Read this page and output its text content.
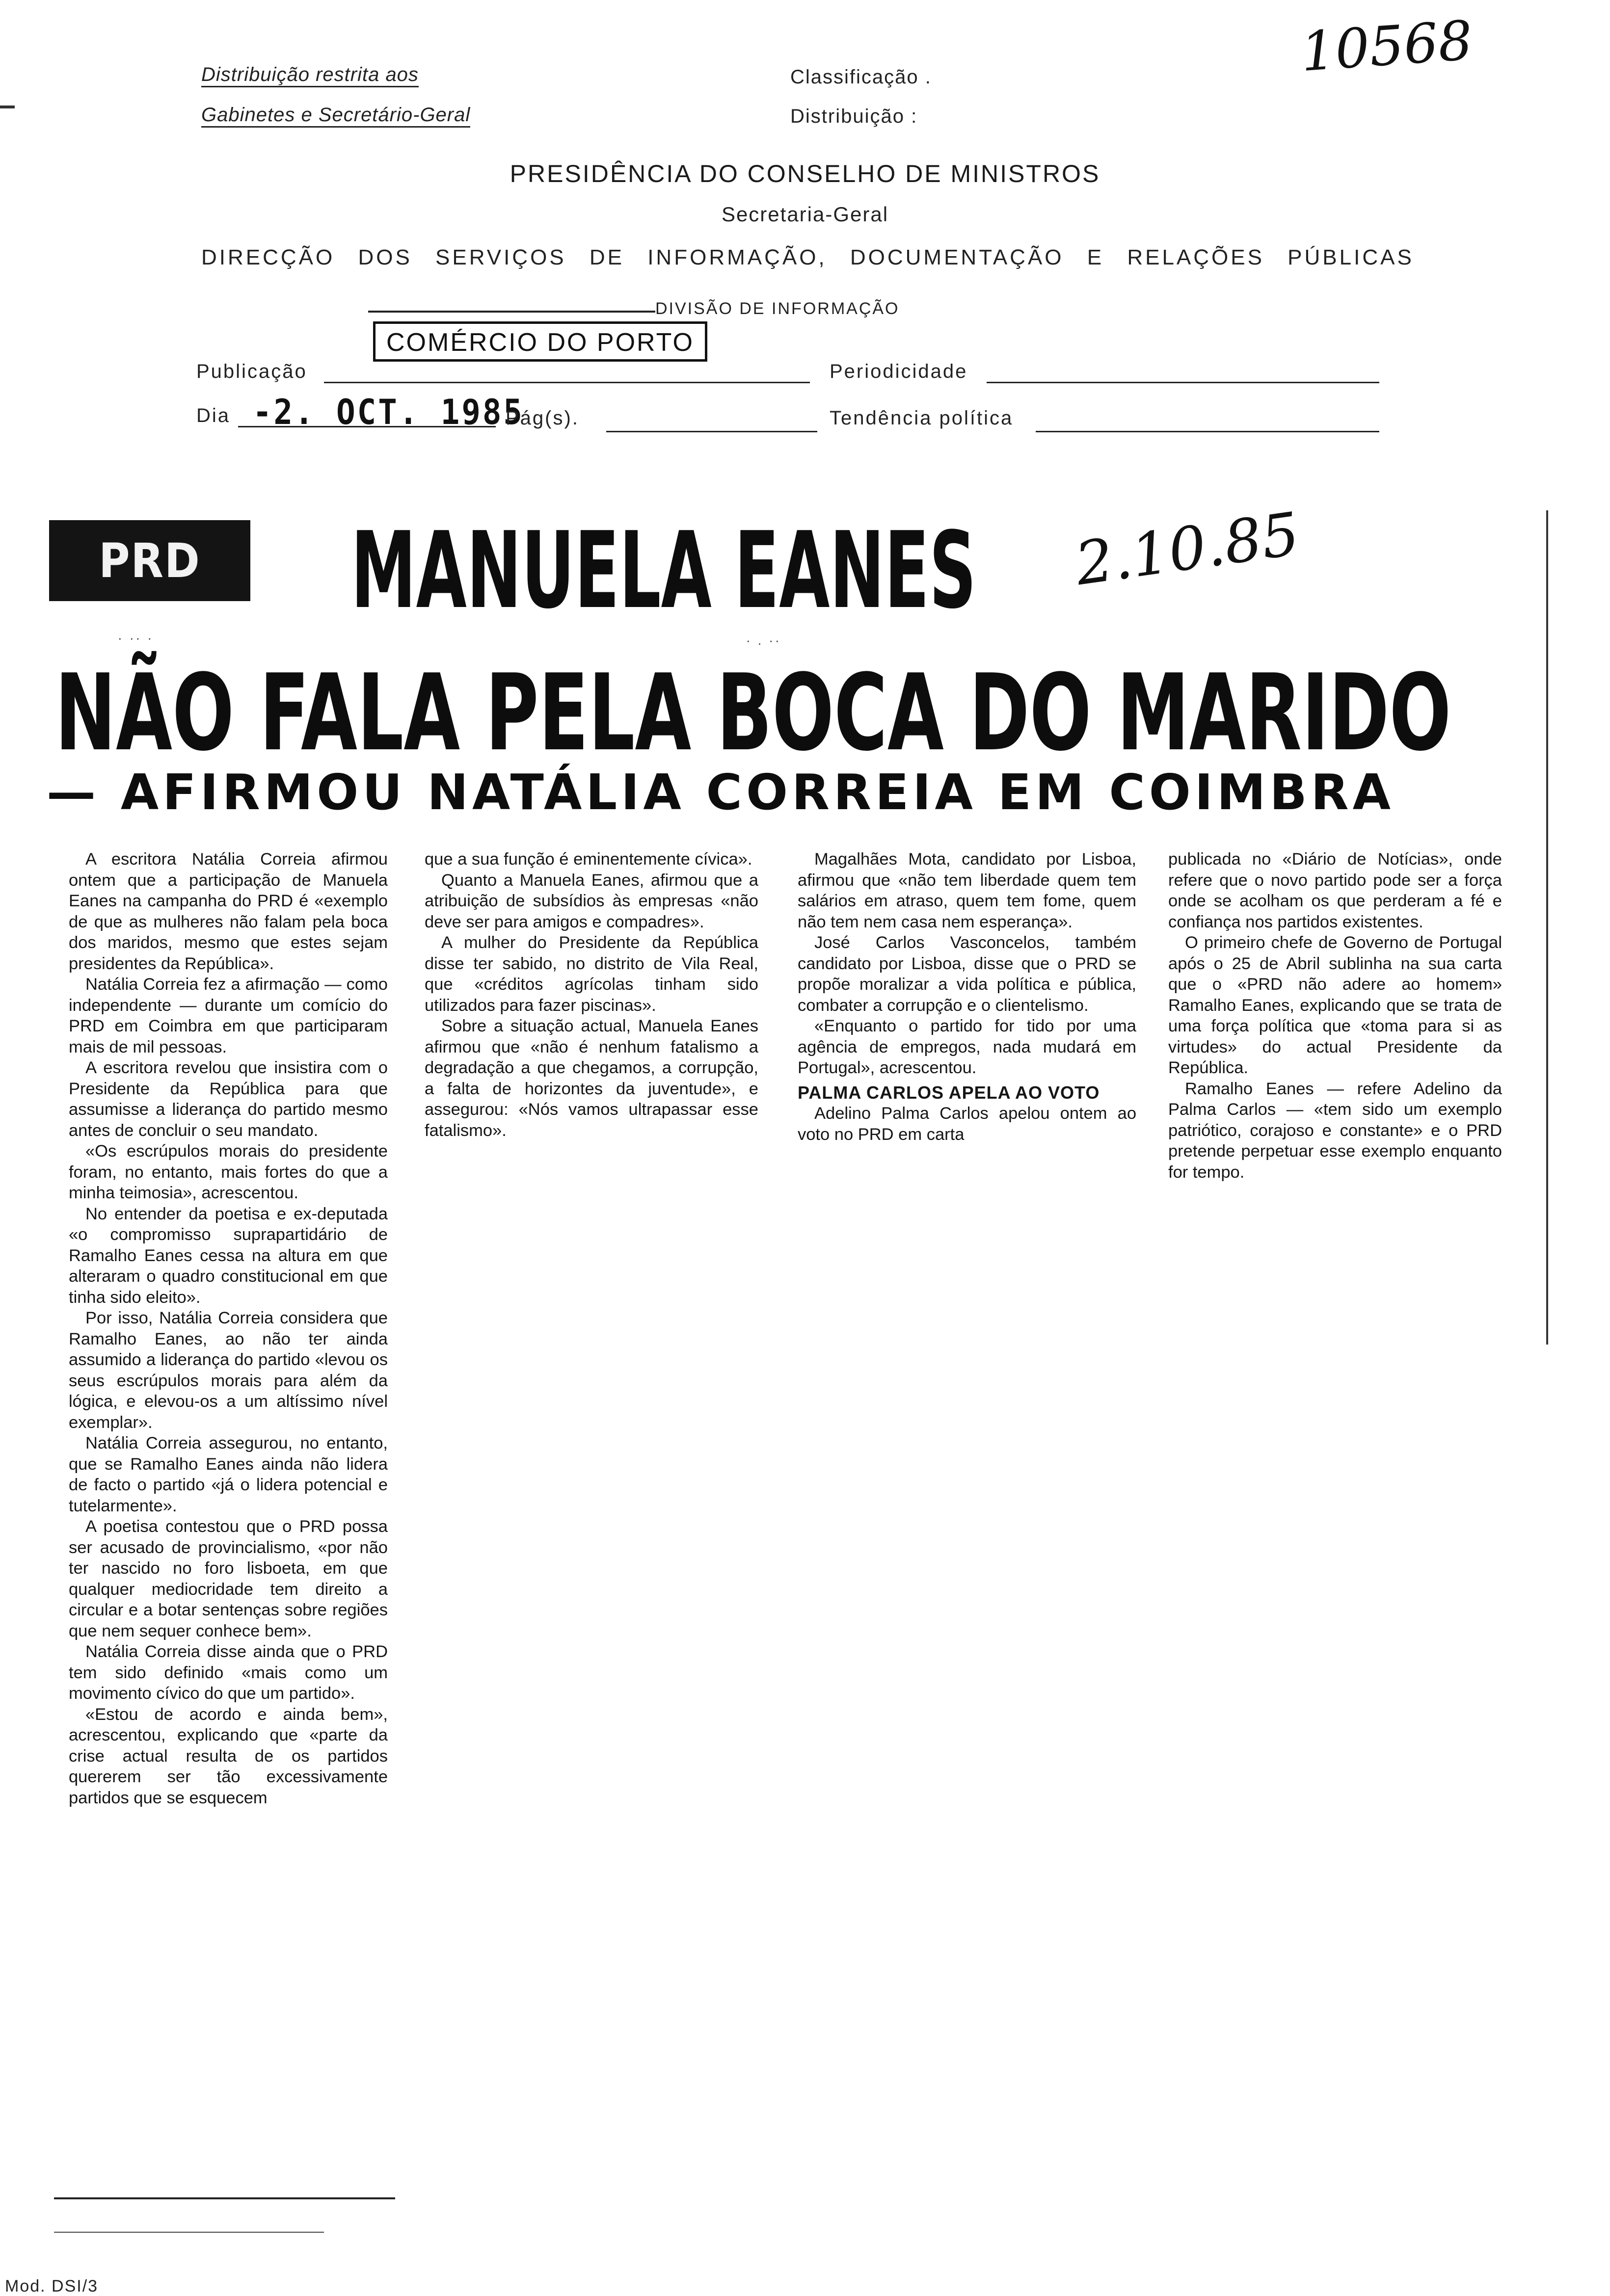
Distribuição restrita aos
Gabinetes e Secretário-Geral
Classificação .
Distribuição :
10568
PRESIDÊNCIA DO CONSELHO DE MINISTROS
Secretaria-Geral
DIRECÇÃO DOS SERVIÇOS DE INFORMAÇÃO, DOCUMENTAÇÃO E RELAÇÕES PÚBLICAS
DIVISÃO DE INFORMAÇÃO
Publicação
COMÉRCIO DO PORTO
Periodicidade
Dia -2. OCT. 1985
Pág(s).	Tendência política
PRD MANUELA EANES 2.10.85
NÃO FALA PELA BOCA DO MARIDO
— AFIRMOU NATÁLIA CORREIA EM COIMBRA
· ·· ·	· . ··

A escritora Natália Correia afirmou ontem que a participação de Manuela Eanes na campanha do PRD é «exemplo de que as mulheres não falam pela boca dos maridos, mesmo que estes sejam presidentes da República».

Natália Correia fez a afirmação — como independente — durante um comício do PRD em Coimbra em que participaram mais de mil pessoas.

A escritora revelou que insistira com o Presidente da República para que assumisse a liderança do partido mesmo antes de concluir o seu mandato.

«Os escrúpulos morais do presidente foram, no entanto, mais fortes do que a minha teimosia», acrescentou.

No entender da poetisa e ex-deputada «o compromisso suprapartidário de Ramalho Eanes cessa na altura em que alteraram o quadro constitucional em que tinha sido eleito».

Por isso, Natália Correia considera que Ramalho Eanes, ao não ter ainda assumido a liderança do partido «levou os seus escrúpulos morais para além da lógica, e elevou-os a um altíssimo nível exemplar».

Natália Correia assegurou, no entanto, que se Ramalho Eanes ainda não lidera de facto o partido «já o lidera potencial e tutelarmente».

A poetisa contestou que o PRD possa ser acusado de provincialismo, «por não ter nascido no foro lisboeta, em que qualquer mediocridade tem direito a circular e a botar sentenças sobre regiões que nem sequer conhece bem».

Natália Correia disse ainda que o PRD tem sido definido «mais como um movimento cívico do que um partido».

«Estou de acordo e ainda bem», acrescentou, explicando que «parte da crise actual resulta de os partidos quererem ser tão excessivamente partidos que se esquecem

que a sua função é eminentemente cívica».

Quanto a Manuela Eanes, afirmou que a atribuição de subsídios às empresas «não deve ser para amigos e compadres».

A mulher do Presidente da República disse ter sabido, no distrito de Vila Real, que «créditos agrícolas tinham sido utilizados para fazer piscinas».

Sobre a situação actual, Manuela Eanes afirmou que «não é nenhum fatalismo a degradação a que chegamos, a corrupção, a falta de horizontes da juventude», e assegurou: «Nós vamos ultrapassar esse fatalismo».

Magalhães Mota, candidato por Lisboa, afirmou que «não tem liberdade quem tem salários em atraso, quem tem fome, quem não tem nem casa nem esperança».

José Carlos Vasconcelos, também candidato por Lisboa, disse que o PRD se propõe moralizar a vida política e pública, combater a corrupção e o clientelismo.

«Enquanto o partido for tido por uma agência de empregos, nada mudará em Portugal», acrescentou.

PALMA CARLOS APELA AO VOTO

Adelino Palma Carlos apelou ontem ao voto no PRD em carta

publicada no «Diário de Notícias», onde refere que o novo partido pode ser a força onde se acolham os que perderam a fé e confiança nos partidos existentes.

O primeiro chefe de Governo de Portugal após o 25 de Abril sublinha na sua carta que o «PRD não adere ao homem» Ramalho Eanes, explicando que se trata de uma força política que «toma para si as virtudes» do actual Presidente da República.

Ramalho Eanes — refere Adelino da Palma Carlos — «tem sido um exemplo patriótico, corajoso e constante» e o PRD pretende perpetuar esse exemplo enquanto for tempo.

Mod. DSI/3
